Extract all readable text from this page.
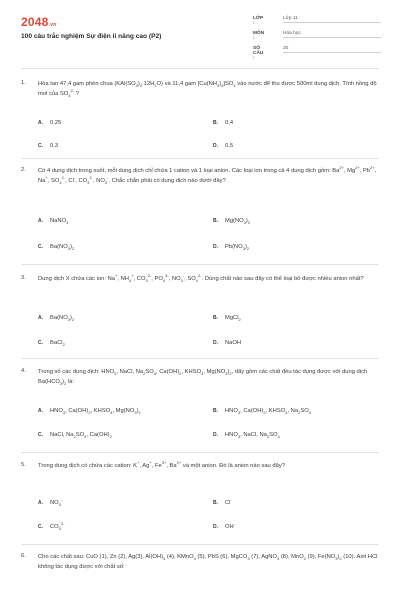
2048.vn
100 câu trắc nghiệm Sự điện li nâng cao (P2)
LỚP :
Lớp 11
MÔN :
Hóa học
SỐ CÂU :
20
1. Hòa tan 47,4 gam phèn chua $(KAl(SO_4)_2.12H_2O)$ và 11,4 gam $[Cu(NH_3)_4]SO_4$ vào nước để thu được 500ml dung dịch. Tính nồng độ mol của $SO_4^{2-}$ ?
A. 0,25	B. 0,4
C. 0,3	D. 0,5
2. Có 4 dung dịch trong suốt, mỗi dung dịch chỉ chứa 1 cation và 1 loại anion. Các loại ion trong cả 4 dung dịch gồm: $Ba^{2+}$, $Mg^{2+}$, $Pb^{2+}$, Na+, $SO_4^{2-}$, Cl-, $CO_3^{2-}$, $NO_3^-$. Chắc chắn phải có dung dịch nào dưới đây?
A. NaNO$_3$	B. $Mg(NO_3)_2$
C. $Ba(NO_3)_2$	D. $Pb(NO_3)_2$
3. Dung dịch X chứa các ion: Na+, $NH_4^+$, $CO_3^{2-}$, $PO_4^{3-}$, $NO_3^-$, $SO_4^{2-}$. Dùng chất nào sau đây có thể loại bỏ được nhiều anion nhất?
A. $Ba(NO_3)_2$	B. MgCl$_2$
C. BaCl$_2$	D. NaOH
4. Trong số các dung dịch: $HNO_3$, NaCl, $Na_2SO_4$, $Ca(OH)_2$, $KHSO_4$, $Mg(NO_3)_2$, dãy gồm các chất đều tác dụng được với dung dịch $Ba(HCO_3)_2$ là:
A. $HNO_3$, $Ca(OH)_2$, $KHSO_4$, $Mg(NO_3)_2$	B. $HNO_3$, $Ca(OH)_2$, $KHSO_4$, $Na_2SO_4$
C. NaCl, $Na_2SO_4$, $Ca(OH)_2$	D. $HNO_3$, NaCl, $Na_2SO_4$
5. Trong dung dịch có chứa các cation: K+, Ag+, $Fe^{3+}$, $Ba^{2+}$ và một anion. Đó là anion nào sau đây?
A. $NO_3^-$
B. Cl-
C. $CO_3^{2-}$
D. OH-
6. Cho các chất sau: CuO (1), Zn (2), Ag(3), $Al(OH)_3$ (4), KMnO$_4$ (5), PbS (6), MgCO$_3$ (7), AgNO$_3$ (8), MnO$_2$ (9), $Fe(NO_3)_2$ (10). Axit HCl không tác dụng được với chất số:
